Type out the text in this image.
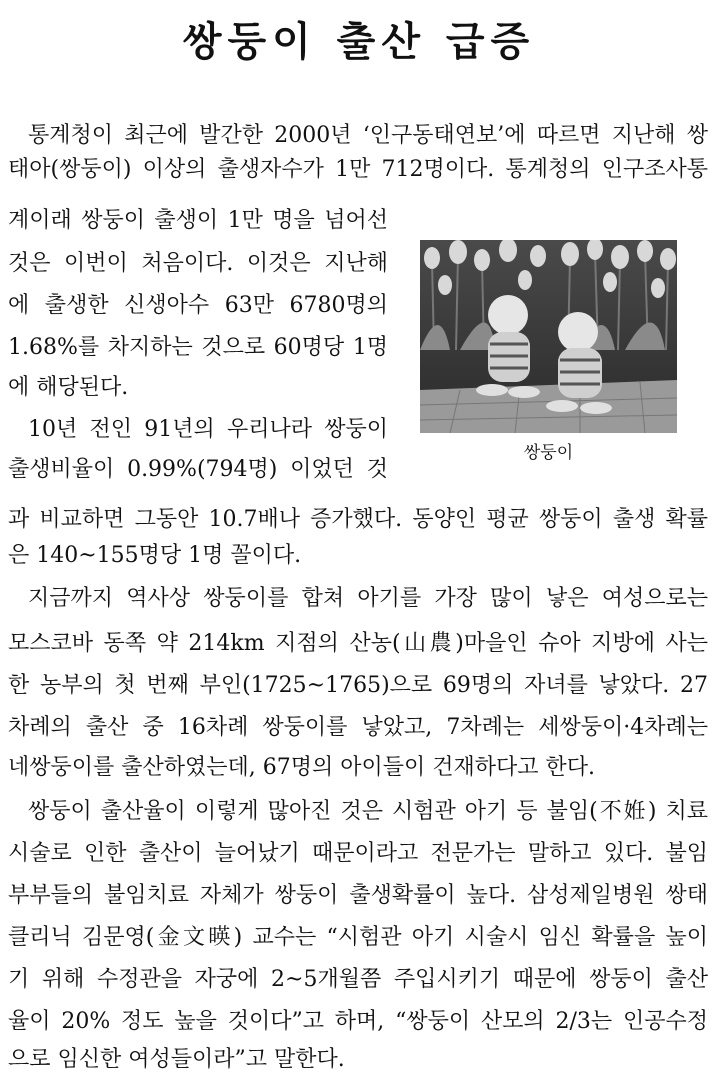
쌍둥이 출산 급증
통계청이 최근에 발간한 2000년 ‘인구동태연보’에 따르면 지난해 쌍
태아(쌍둥이) 이상의 출생자수가 1만 712명이다. 통계청의 인구조사통
계이래 쌍둥이 출생이 1만 명을 넘어선
것은 이번이 처음이다. 이것은 지난해
에 출생한 신생아수 63만 6780명의
1.68%를 차지하는 것으로 60명당 1명
에 해당된다.
10년 전인 91년의 우리나라 쌍둥이
출생비율이 0.99%(794명) 이었던 것
과 비교하면 그동안 10.7배나 증가했다. 동양인 평균 쌍둥이 출생 확률
은 140~155명당 1명 꼴이다.
지금까지 역사상 쌍둥이를 합쳐 아기를 가장 많이 낳은 여성으로는
모스코바 동쪽 약 214km 지점의 산농(山農)마을인 슈아 지방에 사는
한 농부의 첫 번째 부인(1725~1765)으로 69명의 자녀를 낳았다. 27
차례의 출산 중 16차례 쌍둥이를 낳았고, 7차례는 세쌍둥이·4차례는
네쌍둥이를 출산하였는데, 67명의 아이들이 건재하다고 한다.
쌍둥이 출산율이 이렇게 많아진 것은 시험관 아기 등 불임(不姙) 치료
시술로 인한 출산이 늘어났기 때문이라고 전문가는 말하고 있다. 불임
부부들의 불임치료 자체가 쌍둥이 출생확률이 높다. 삼성제일병원 쌍태
클리닉 김문영(金文暎) 교수는 “시험관 아기 시술시 임신 확률을 높이
기 위해 수정관을 자궁에 2~5개월쯤 주입시키기 때문에 쌍둥이 출산
율이 20% 정도 높을 것이다”고 하며, “쌍둥이 산모의 2/3는 인공수정
으로 임신한 여성들이라”고 말한다.
쌍둥이
